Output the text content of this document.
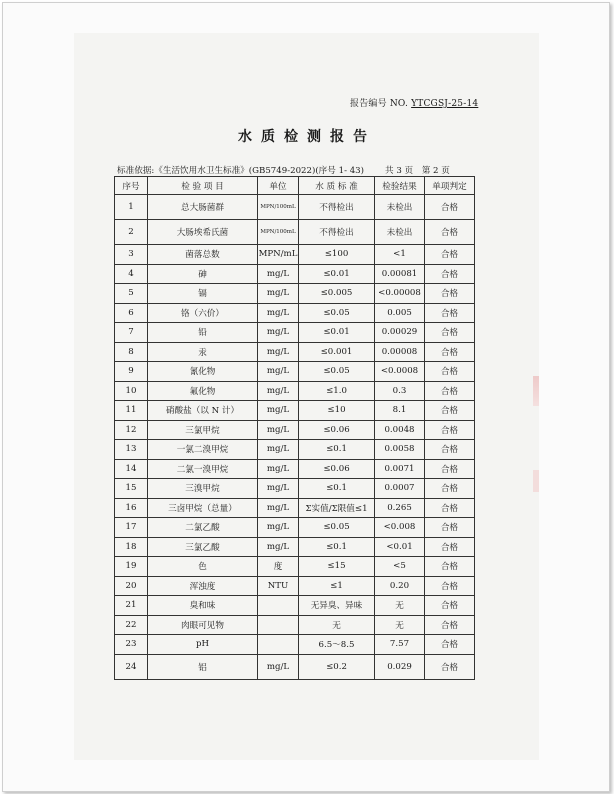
报告编号 NO. YTCGSJ-25-14
水质检测报告
标准依据:《生活饮用水卫生标准》(GB5749-2022)(序号 1- 43) 共 3 页　第 2 页
序号	检 验 项 目	单位	水 质 标 准	检验结果	单项判定
1	总大肠菌群	MPN/100mL	不得检出	未检出	合格
2	大肠埃希氏菌	MPN/100mL	不得检出	未检出	合格
3	菌落总数	MPN/mL	≤100	<1	合格
4	砷	mg/L	≤0.01	0.00081	合格
5	镉	mg/L	≤0.005	<0.00008	合格
6	铬（六价）	mg/L	≤0.05	0.005	合格
7	铅	mg/L	≤0.01	0.00029	合格
8	汞	mg/L	≤0.001	0.00008	合格
9	氰化物	mg/L	≤0.05	<0.0008	合格
10	氟化物	mg/L	≤1.0	0.3	合格
11	硝酸盐（以 N 计）	mg/L	≤10	8.1	合格
12	三氯甲烷	mg/L	≤0.06	0.0048	合格
13	一氯二溴甲烷	mg/L	≤0.1	0.0058	合格
14	二氯一溴甲烷	mg/L	≤0.06	0.0071	合格
15	三溴甲烷	mg/L	≤0.1	0.0007	合格
16	三卤甲烷（总量）	mg/L	Σ实值/Σ限值≤1	0.265	合格
17	二氯乙酸	mg/L	≤0.05	<0.008	合格
18	三氯乙酸	mg/L	≤0.1	<0.01	合格
19	色	度	≤15	<5	合格
20	浑浊度	NTU	≤1	0.20	合格
21	臭和味		无异臭、异味	无	合格
22	肉眼可见物		无	无	合格
23	pH		6.5～8.5	7.57	合格
24	铝	mg/L	≤0.2	0.029	合格
